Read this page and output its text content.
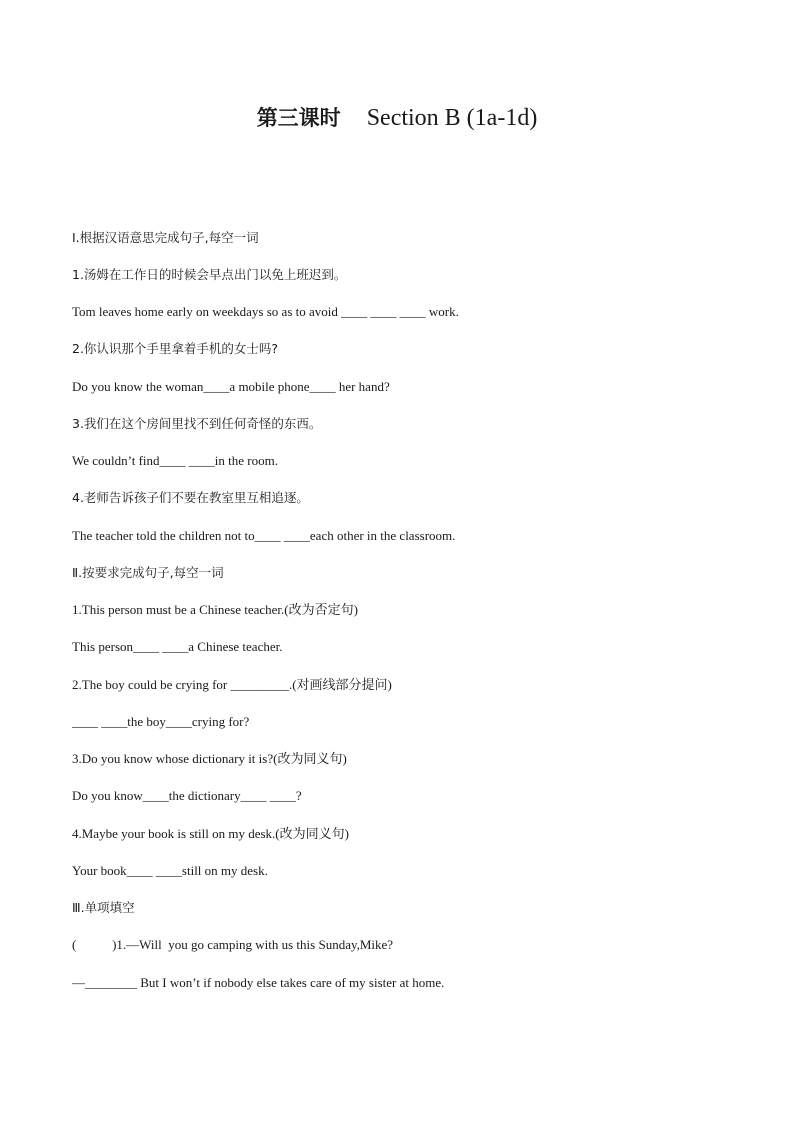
第三课时 Section B (1a-1d)
Ⅰ.根据汉语意思完成句子,每空一词
1.汤姆在工作日的时候会早点出门以免上班迟到。
Tom leaves home early on weekdays so as to avoid ____ ____ ____ work.
2.你认识那个手里拿着手机的女士吗?
Do you know the woman____a mobile phone____ her hand?
3.我们在这个房间里找不到任何奇怪的东西。
We couldn’t find____ ____in the room.
4.老师告诉孩子们不要在教室里互相追逐。
The teacher told the children not to____ ____each other in the classroom.
Ⅱ.按要求完成句子,每空一词
1.This person must be a Chinese teacher.(改为否定句)
This person____ ____a Chinese teacher.
2.The boy could be crying for _________.(对画线部分提问)
____ ____the boy____crying for?
3.Do you know whose dictionary it is?(改为同义句)
Do you know____the dictionary____ ____?
4.Maybe your book is still on my desk.(改为同义句)
Your book____ ____still on my desk.
Ⅲ.单项填空
(           )1.—Will  you go camping with us this Sunday,Mike?
—________ But I won’t if nobody else takes care of my sister at home.
